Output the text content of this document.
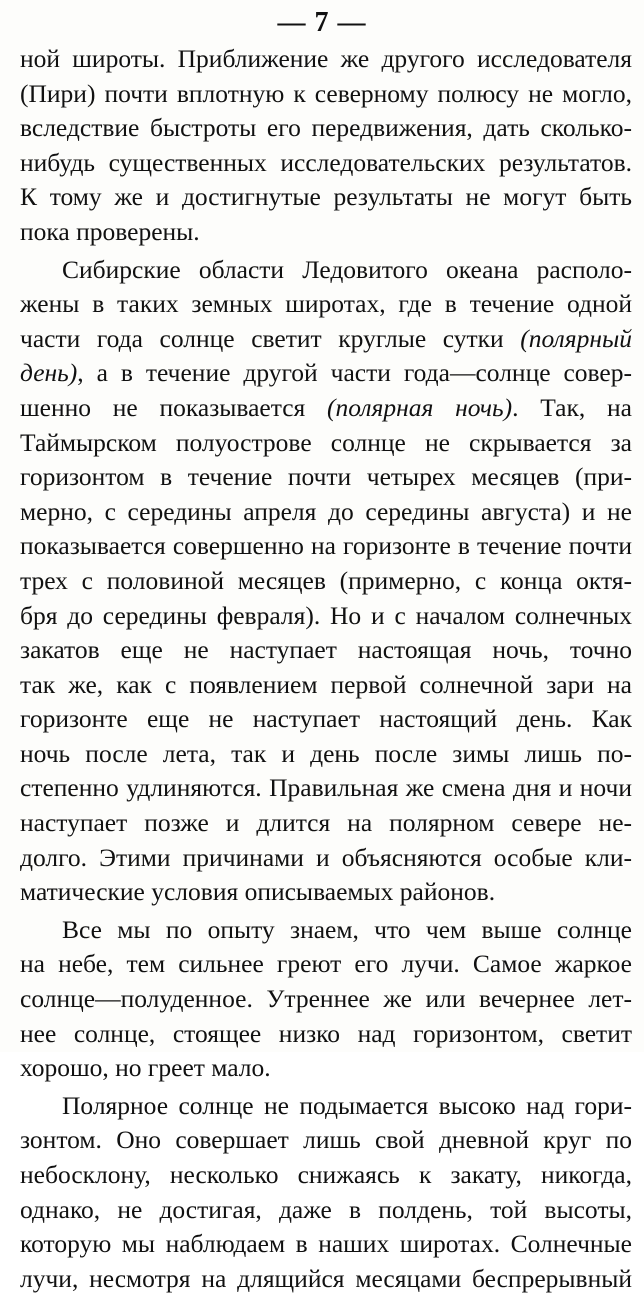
— 7 —
ной широты. Приближение же другого исследователя
(Пири) почти вплотную к северному полюсу не могло,
вследствие быстроты его передвижения, дать сколько-
нибудь существенных исследовательских результатов.
К тому же и достигнутые результаты не могут быть
пока проверены.
Сибирские области Ледовитого океана располо-
жены в таких земных широтах, где в течение одной
части года солнце светит круглые сутки (полярный
день), а в течение другой части года—солнце совер-
шенно не показывается (полярная ночь). Так, на
Таймырском полуострове солнце не скрывается за
горизонтом в течение почти четырех месяцев (при-
мерно, с середины апреля до середины августа) и не
показывается совершенно на горизонте в течение почти
трех с половиной месяцев (примерно, с конца октя-
бря до середины февраля). Но и с началом солнечных
закатов еще не наступает настоящая ночь, точно
так же, как с появлением первой солнечной зари на
горизонте еще не наступает настоящий день. Как
ночь после лета, так и день после зимы лишь по-
степенно удлиняются. Правильная же смена дня и ночи
наступает позже и длится на полярном севере не-
долго. Этими причинами и объясняются особые кли-
матические условия описываемых районов.
Все мы по опыту знаем, что чем выше солнце
на небе, тем сильнее греют его лучи. Самое жаркое
солнце—полуденное. Утреннее же или вечернее лет-
нее солнце, стоящее низко над горизонтом, светит
хорошо, но греет мало.
Полярное солнце не подымается высоко над гори-
зонтом. Оно совершает лишь свой дневной круг по
небосклону, несколько снижаясь к закату, никогда,
однако, не достигая, даже в полдень, той высоты,
которую мы наблюдаем в наших широтах. Солнечные
лучи, несмотря на длящийся месяцами беспрерывный
